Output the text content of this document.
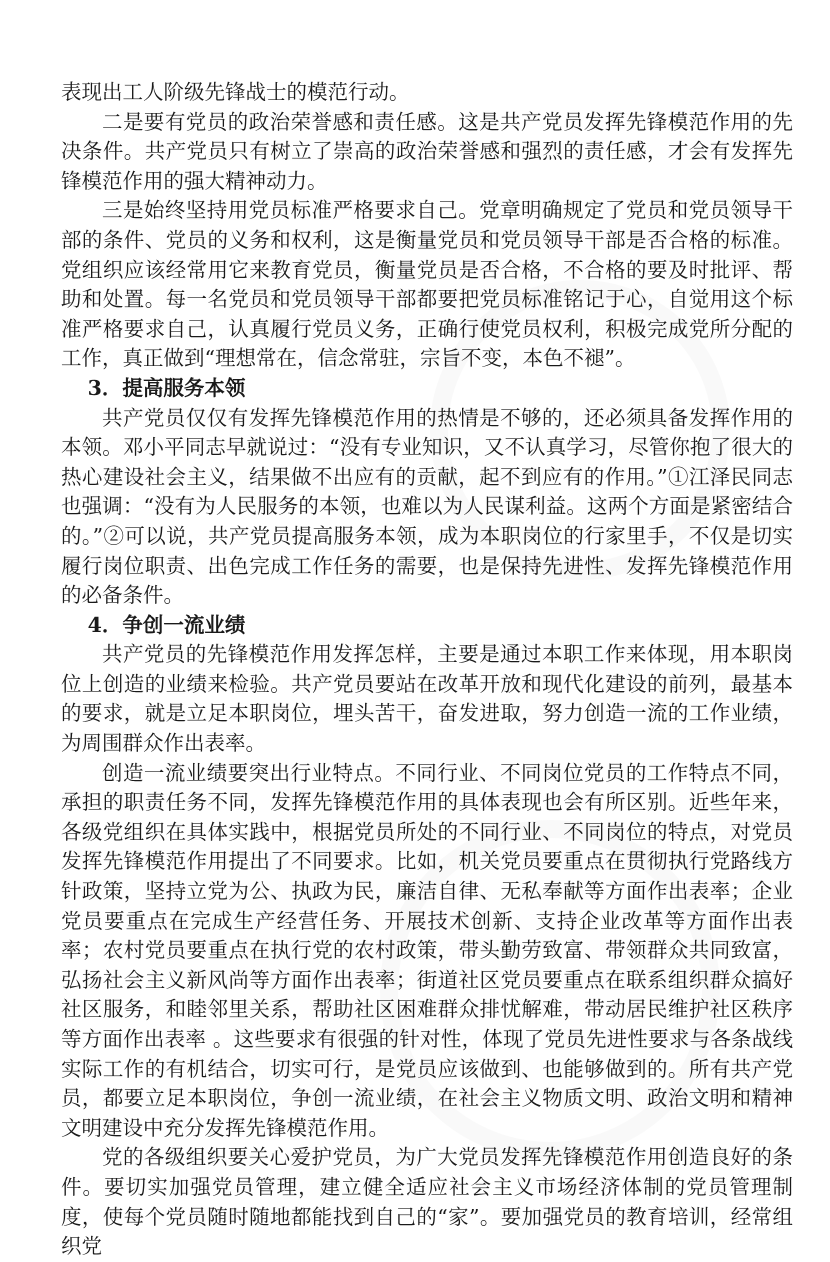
表现出工人阶级先锋战士的模范行动。

二是要有党员的政治荣誉感和责任感。这是共产党员发挥先锋模范作用的先决条件。共产党员只有树立了崇高的政治荣誉感和强烈的责任感，才会有发挥先锋模范作用的强大精神动力。

三是始终坚持用党员标准严格要求自己。党章明确规定了党员和党员领导干部的条件、党员的义务和权利，这是衡量党员和党员领导干部是否合格的标准。党组织应该经常用它来教育党员，衡量党员是否合格，不合格的要及时批评、帮助和处置。每一名党员和党员领导干部都要把党员标准铭记于心，自觉用这个标准严格要求自己，认真履行党员义务，正确行使党员权利，积极完成党所分配的工作，真正做到“理想常在，信念常驻，宗旨不变，本色不褪”。

3．提高服务本领

共产党员仅仅有发挥先锋模范作用的热情是不够的，还必须具备发挥作用的本领。邓小平同志早就说过：“没有专业知识，又不认真学习，尽管你抱了很大的热心建设社会主义，结果做不出应有的贡献，起不到应有的作用。”①江泽民同志也强调：“没有为人民服务的本领，也难以为人民谋利益。这两个方面是紧密结合的。”②可以说，共产党员提高服务本领，成为本职岗位的行家里手，不仅是切实履行岗位职责、出色完成工作任务的需要，也是保持先进性、发挥先锋模范作用的必备条件。

4．争创一流业绩

共产党员的先锋模范作用发挥怎样，主要是通过本职工作来体现，用本职岗位上创造的业绩来检验。共产党员要站在改革开放和现代化建设的前列，最基本的要求，就是立足本职岗位，埋头苦干，奋发进取，努力创造一流的工作业绩，为周围群众作出表率。

创造一流业绩要突出行业特点。不同行业、不同岗位党员的工作特点不同，承担的职责任务不同，发挥先锋模范作用的具体表现也会有所区别。近些年来，各级党组织在具体实践中，根据党员所处的不同行业、不同岗位的特点，对党员发挥先锋模范作用提出了不同要求。比如，机关党员要重点在贯彻执行党路线方针政策，坚持立党为公、执政为民，廉洁自律、无私奉献等方面作出表率；企业党员要重点在完成生产经营任务、开展技术创新、支持企业改革等方面作出表率；农村党员要重点在执行党的农村政策，带头勤劳致富、带领群众共同致富，弘扬社会主义新风尚等方面作出表率；街道社区党员要重点在联系组织群众搞好社区服务，和睦邻里关系，帮助社区困难群众排忧解难，带动居民维护社区秩序等方面作出表率 。这些要求有很强的针对性，体现了党员先进性要求与各条战线实际工作的有机结合，切实可行，是党员应该做到、也能够做到的。所有共产党员，都要立足本职岗位，争创一流业绩，在社会主义物质文明、政治文明和精神文明建设中充分发挥先锋模范作用。

党的各级组织要关心爱护党员，为广大党员发挥先锋模范作用创造良好的条件。要切实加强党员管理，建立健全适应社会主义市场经济体制的党员管理制度，使每个党员随时随地都能找到自己的“家”。要加强党员的教育培训，经常组织党
